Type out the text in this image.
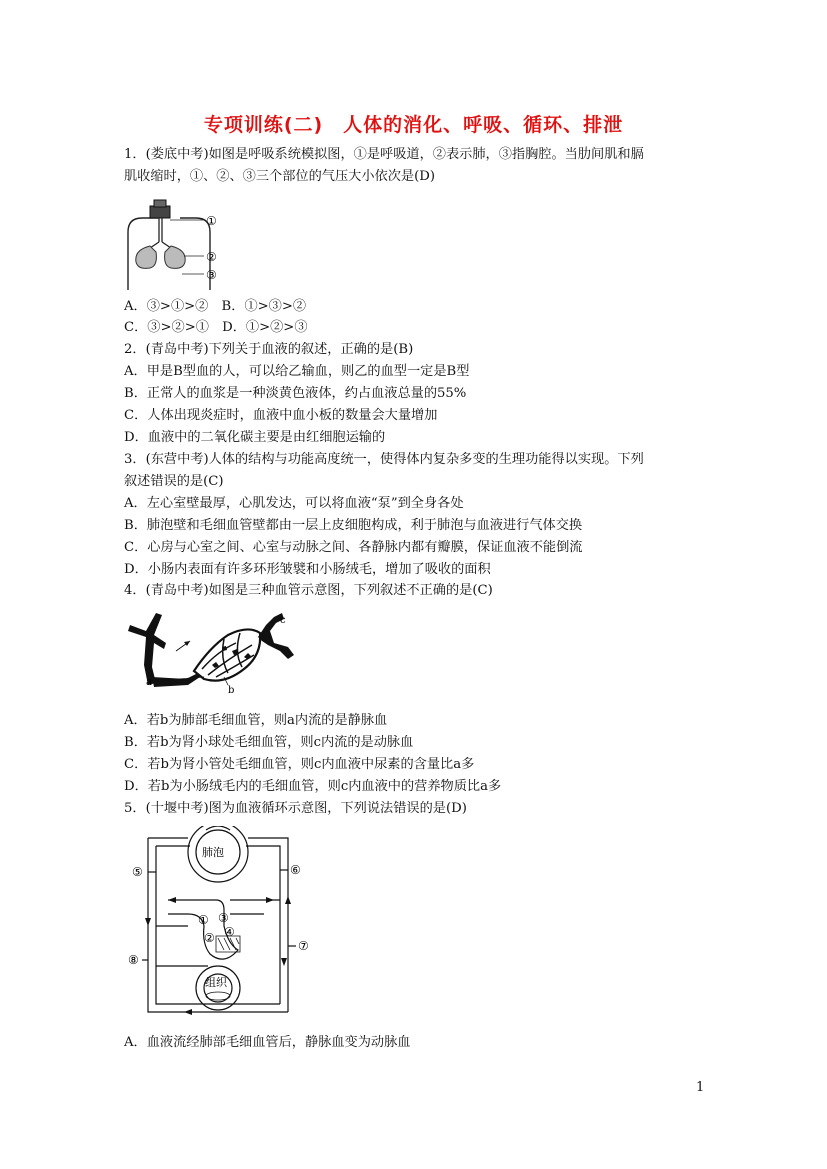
专项训练(二)　人体的消化、呼吸、循环、排泄
1．(娄底中考)如图是呼吸系统模拟图，①是呼吸道，②表示肺，③指胸腔。当肋间肌和膈
肌收缩时，①、②、③三个部位的气压大小依次是(D)
①
②
③
A．③>①>②　B．①>③>②
C．③>②>①　D．①>②>③
2．(青岛中考)下列关于血液的叙述，正确的是(B)
A．甲是B型血的人，可以给乙输血，则乙的血型一定是B型
B．正常人的血浆是一种淡黄色液体，约占血液总量的55%
C．人体出现炎症时，血液中血小板的数量会大量增加
D．血液中的二氧化碳主要是由红细胞运输的
3．(东营中考)人体的结构与功能高度统一，使得体内复杂多变的生理功能得以实现。下列
叙述错误的是(C)
A．左心室壁最厚，心肌发达，可以将血液“泵”到全身各处
B．肺泡壁和毛细血管壁都由一层上皮细胞构成，利于肺泡与血液进行气体交换
C．心房与心室之间、心室与动脉之间、各静脉内都有瓣膜，保证血液不能倒流
D．小肠内表面有许多环形皱襞和小肠绒毛，增加了吸收的面积
4．(青岛中考)如图是三种血管示意图，下列叙述不正确的是(C)
a
b
c
A．若b为肺部毛细血管，则a内流的是静脉血
B．若b为肾小球处毛细血管，则c内流的是动脉血
C．若b为肾小管处毛细血管，则c内血液中尿素的含量比a多
D．若b为小肠绒毛内的毛细血管，则c内血液中的营养物质比a多
5．(十堰中考)图为血液循环示意图，下列说法错误的是(D)
肺泡
组织
①
②
③
④
⑤	⑥
⑦
⑧
A．血液流经肺部毛细血管后，静脉血变为动脉血
1
